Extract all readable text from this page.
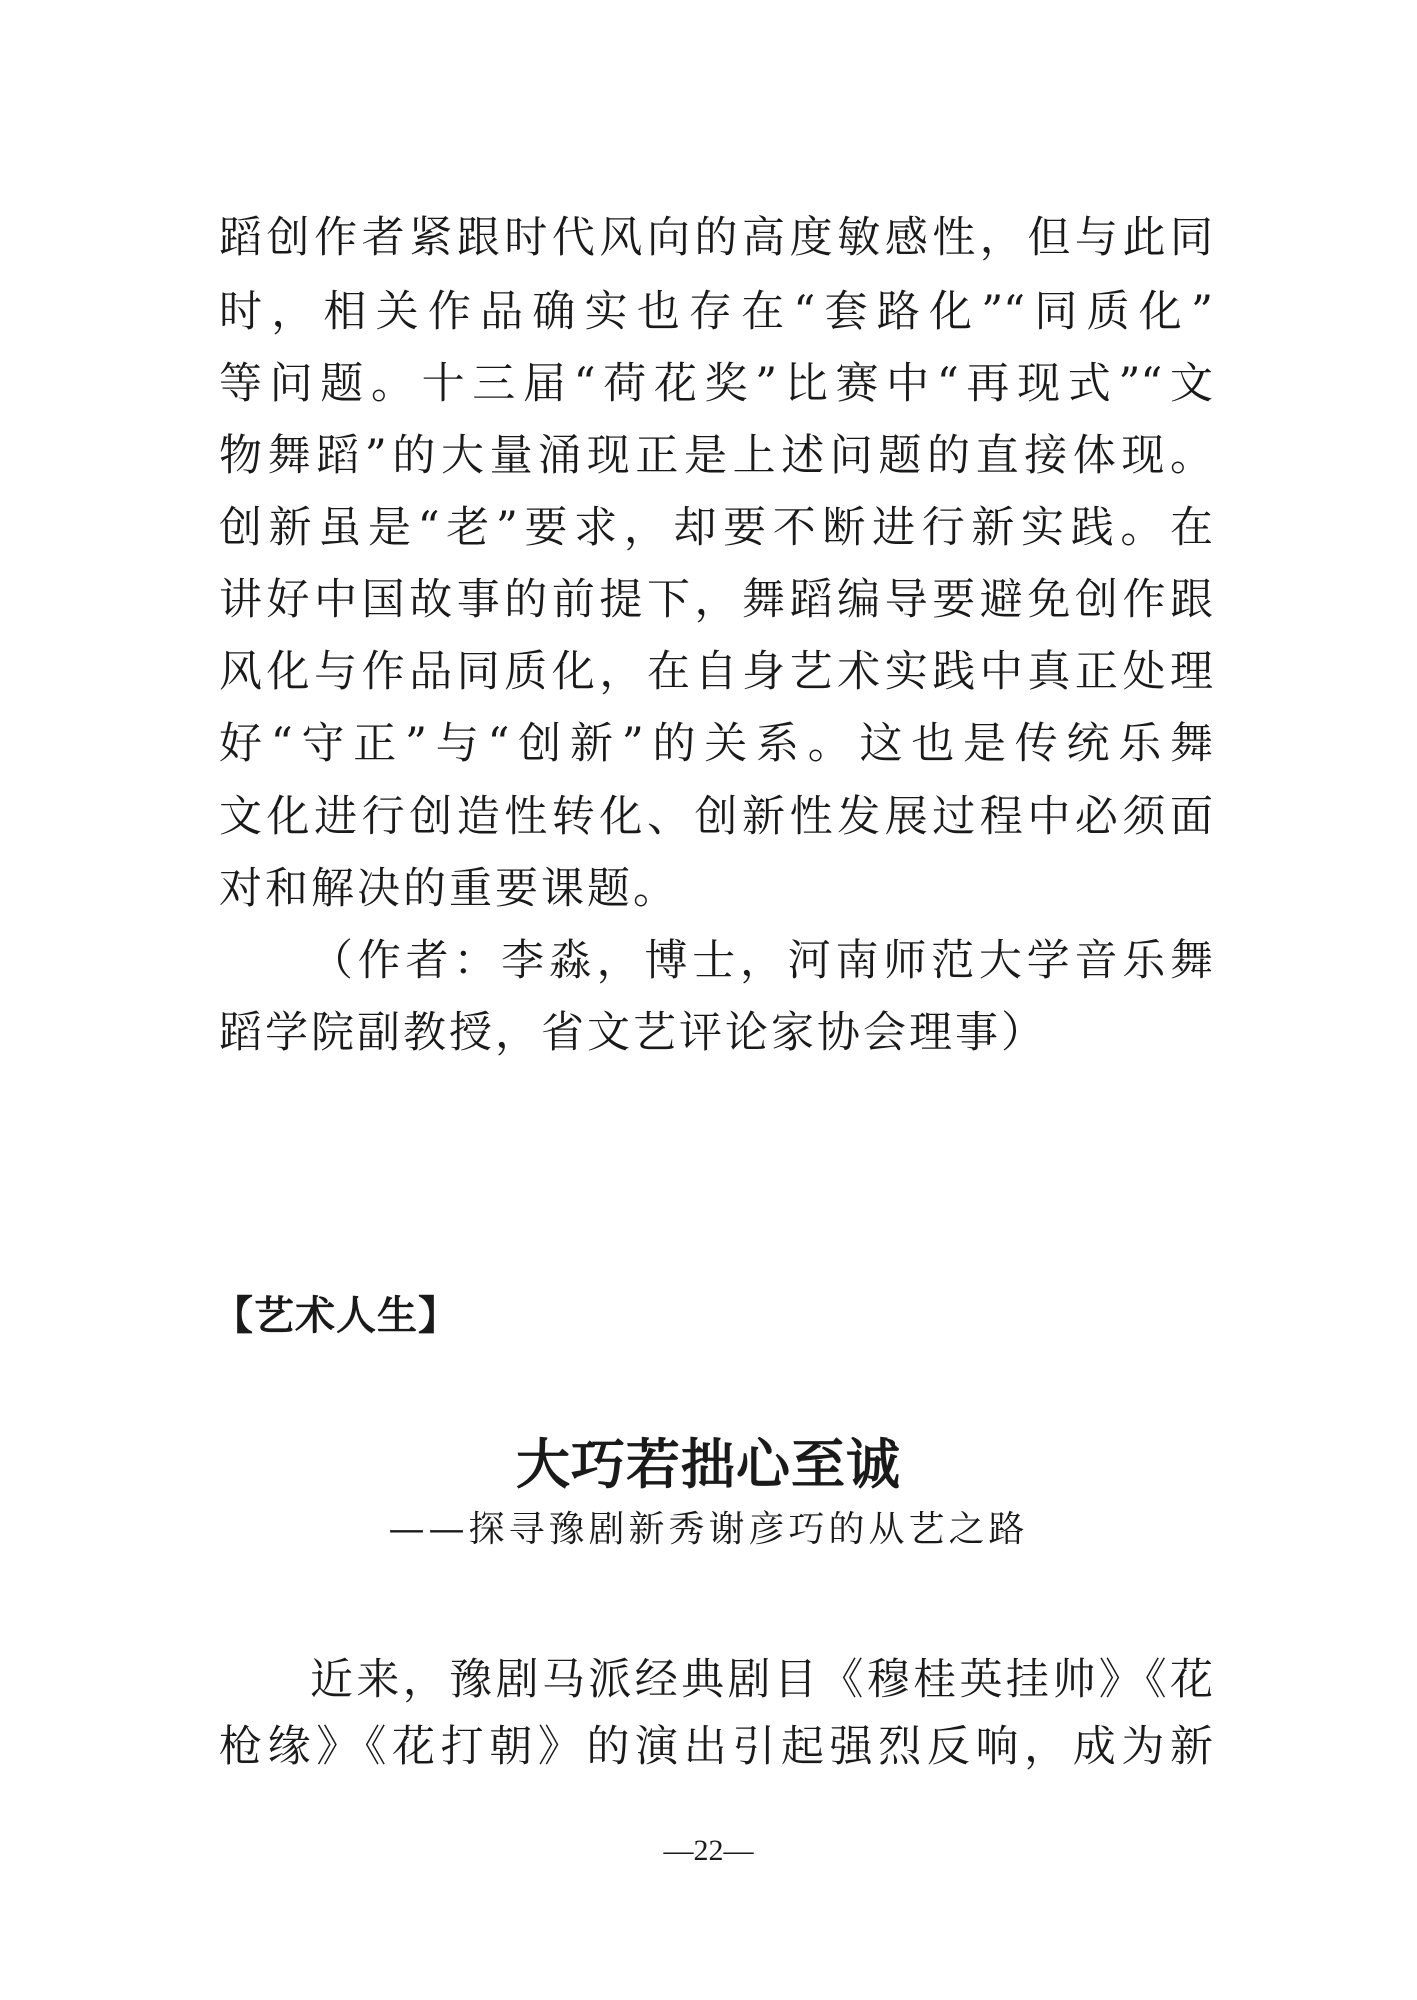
蹈创作者紧跟时代风向的高度敏感性，但与此同
时，相关作品确实也存在“套路化”“同质化”
等问题。十三届“荷花奖”比赛中“再现式”“文
物舞蹈”的大量涌现正是上述问题的直接体现。
创新虽是“老”要求，却要不断进行新实践。在
讲好中国故事的前提下，舞蹈编导要避免创作跟
风化与作品同质化，在自身艺术实践中真正处理
好“守正”与“创新”的关系。这也是传统乐舞
文化进行创造性转化、创新性发展过程中必须面
对和解决的重要课题。
（作者：李淼，博士，河南师范大学音乐舞
蹈学院副教授，省文艺评论家协会理事）
【艺术人生】
大巧若拙心至诚
——探寻豫剧新秀谢彦巧的从艺之路
近来，豫剧马派经典剧目《穆桂英挂帅》《花
枪缘》《花打朝》的演出引起强烈反响，成为新
—22—
